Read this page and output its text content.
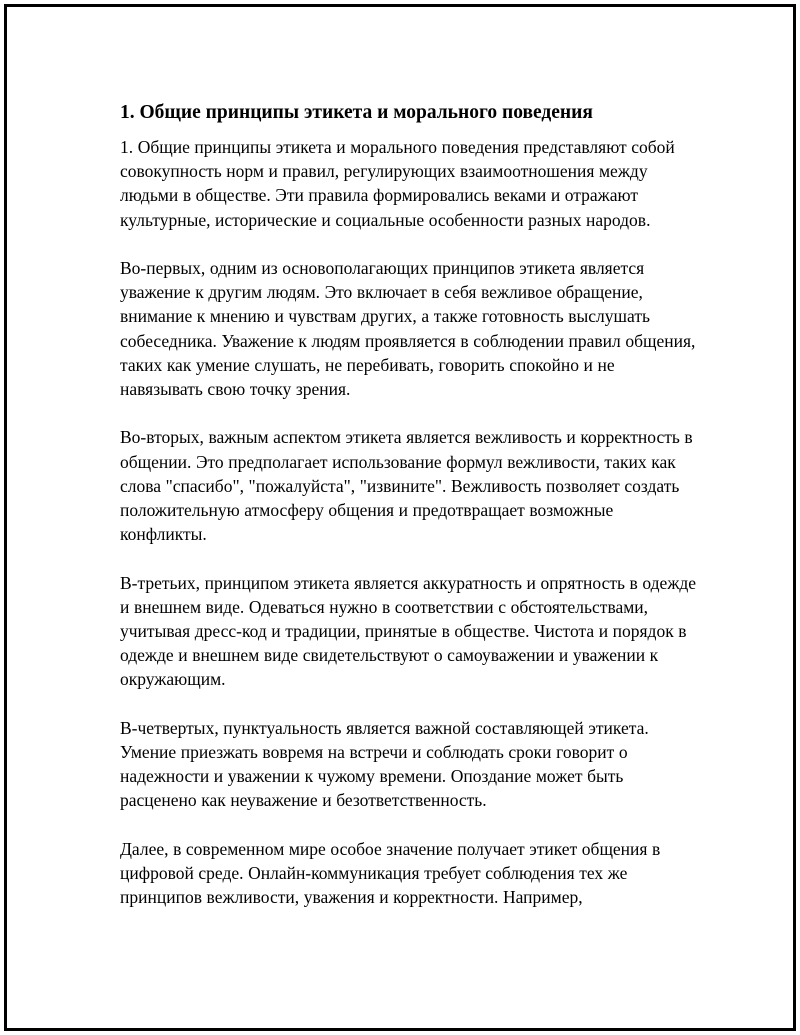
1. Общие принципы этикета и морального поведения

1. Общие принципы этикета и морального поведения представляют собой совокупность норм и правил, регулирующих взаимоотношения между людьми в обществе. Эти правила формировались веками и отражают культурные, исторические и социальные особенности разных народов.

Во-первых, одним из основополагающих принципов этикета является уважение к другим людям. Это включает в себя вежливое обращение, внимание к мнению и чувствам других, а также готовность выслушать собеседника. Уважение к людям проявляется в соблюдении правил общения, таких как умение слушать, не перебивать, говорить спокойно и не навязывать свою точку зрения.

Во-вторых, важным аспектом этикета является вежливость и корректность в общении. Это предполагает использование формул вежливости, таких как слова "спасибо", "пожалуйста", "извините". Вежливость позволяет создать положительную атмосферу общения и предотвращает возможные конфликты.

В-третьих, принципом этикета является аккуратность и опрятность в одежде и внешнем виде. Одеваться нужно в соответствии с обстоятельствами, учитывая дресс-код и традиции, принятые в обществе. Чистота и порядок в одежде и внешнем виде свидетельствуют о самоуважении и уважении к окружающим.

В-четвертых, пунктуальность является важной составляющей этикета. Умение приезжать вовремя на встречи и соблюдать сроки говорит о надежности и уважении к чужому времени. Опоздание может быть расценено как неуважение и безответственность.

Далее, в современном мире особое значение получает этикет общения в цифровой среде. Онлайн-коммуникация требует соблюдения тех же принципов вежливости, уважения и корректности. Например,
